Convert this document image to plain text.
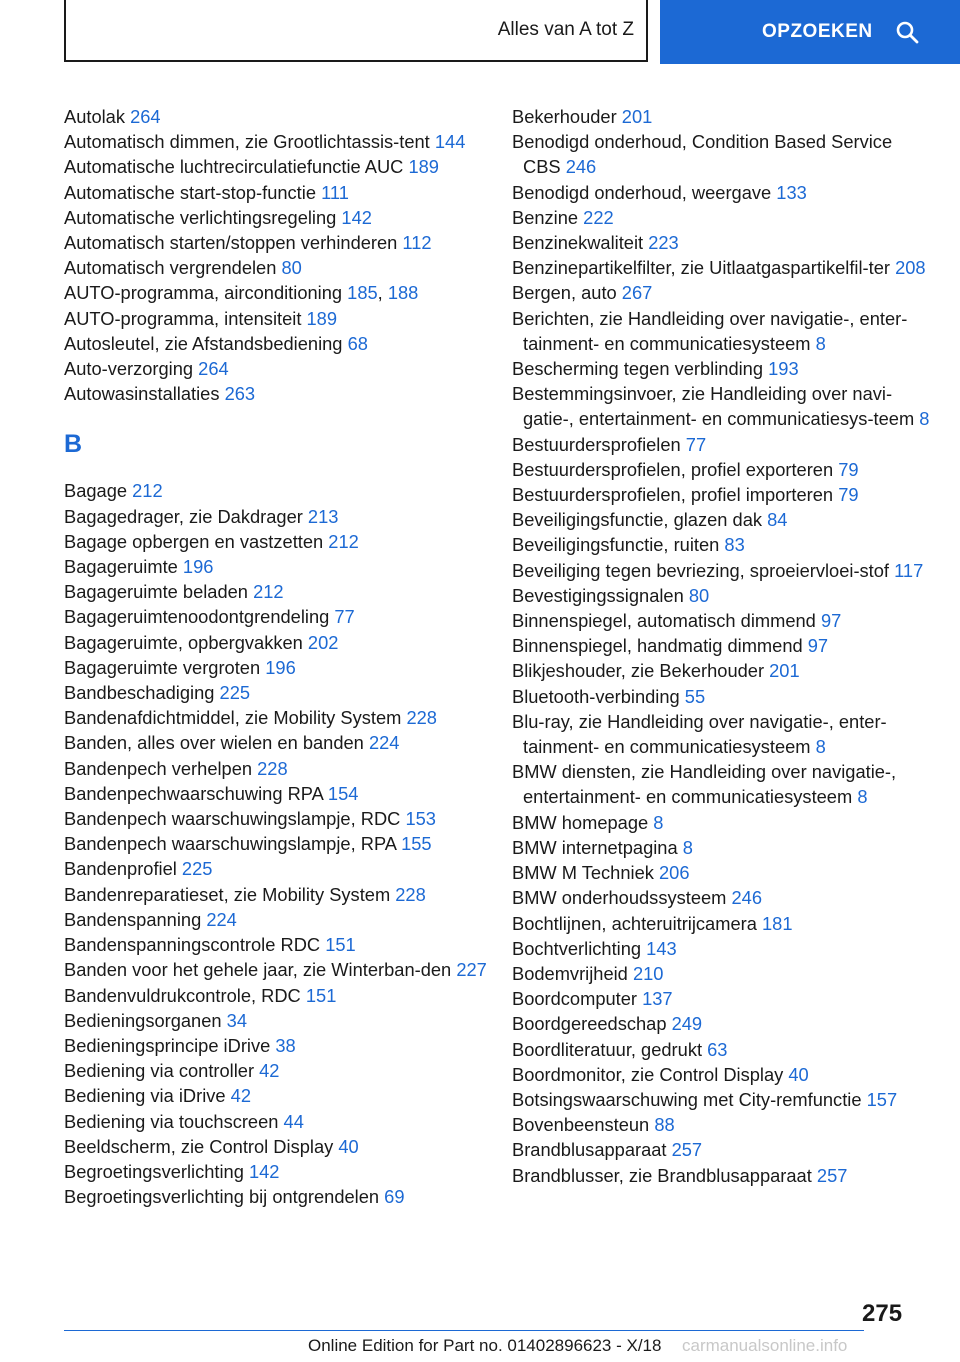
Alles van A tot Z	OPZOEKEN
Autolak 264
Automatisch dimmen, zie Grootlichtassis-tent 144
Automatische luchtrecirculatiefunctie AUC 189
Automatische start-stop-functie 111
Automatische verlichtingsregeling 142
Automatisch starten/stoppen verhinderen 112
Automatisch vergrendelen 80
AUTO-programma, airconditioning 185, 188
AUTO-programma, intensiteit 189
Autosleutel, zie Afstandsbediening 68
Auto-verzorging 264
Autowasinstallaties 263
B
Bagage 212
Bagagedrager, zie Dakdrager 213
Bagage opbergen en vastzetten 212
Bagageruimte 196
Bagageruimte beladen 212
Bagageruimtenoodontgrendeling 77
Bagageruimte, opbergvakken 202
Bagageruimte vergroten 196
Bandbeschadiging 225
Bandenafdichtmiddel, zie Mobility System 228
Banden, alles over wielen en banden 224
Bandenpech verhelpen 228
Bandenpechwaarschuwing RPA 154
Bandenpech waarschuwingslampje, RDC 153
Bandenpech waarschuwingslampje, RPA 155
Bandenprofiel 225
Bandenreparatieset, zie Mobility System 228
Bandenspanning 224
Bandenspanningscontrole RDC 151
Banden voor het gehele jaar, zie Winterban-den 227
Bandenvuldrukcontrole, RDC 151
Bedieningsorganen 34
Bedieningsprincipe iDrive 38
Bediening via controller 42
Bediening via iDrive 42
Bediening via touchscreen 44
Beeldscherm, zie Control Display 40
Begroetingsverlichting 142
Begroetingsverlichting bij ontgrendelen 69
Bekerhouder 201
Benodigd onderhoud, Condition Based Service CBS 246
Benodigd onderhoud, weergave 133
Benzine 222
Benzinekwaliteit 223
Benzinepartikelfilter, zie Uitlaatgaspartikelfil-ter 208
Bergen, auto 267
Berichten, zie Handleiding over navigatie-, enter-tainment- en communicatiesysteem 8
Bescherming tegen verblinding 193
Bestemmingsinvoer, zie Handleiding over navi-gatie-, entertainment- en communicatiesys-teem 8
Bestuurdersprofielen 77
Bestuurdersprofielen, profiel exporteren 79
Bestuurdersprofielen, profiel importeren 79
Beveiligingsfunctie, glazen dak 84
Beveiligingsfunctie, ruiten 83
Beveiliging tegen bevriezing, sproeiervloei-stof 117
Bevestigingssignalen 80
Binnenspiegel, automatisch dimmend 97
Binnenspiegel, handmatig dimmend 97
Blikjeshouder, zie Bekerhouder 201
Bluetooth-verbinding 55
Blu-ray, zie Handleiding over navigatie-, enter-tainment- en communicatiesysteem 8
BMW diensten, zie Handleiding over navigatie-, entertainment- en communicatiesysteem 8
BMW homepage 8
BMW internetpagina 8
BMW M Techniek 206
BMW onderhoudssysteem 246
Bochtlijnen, achteruitrijcamera 181
Bochtverlichting 143
Bodemvrijheid 210
Boordcomputer 137
Boordgereedschap 249
Boordliteratuur, gedrukt 63
Boordmonitor, zie Control Display 40
Botsingswaarschuwing met City-remfunctie 157
Bovenbeensteun 88
Brandblusapparaat 257
Brandblusser, zie Brandblusapparaat 257
275
Online Edition for Part no. 01402896623 - X/18 carmanualsonline.info
